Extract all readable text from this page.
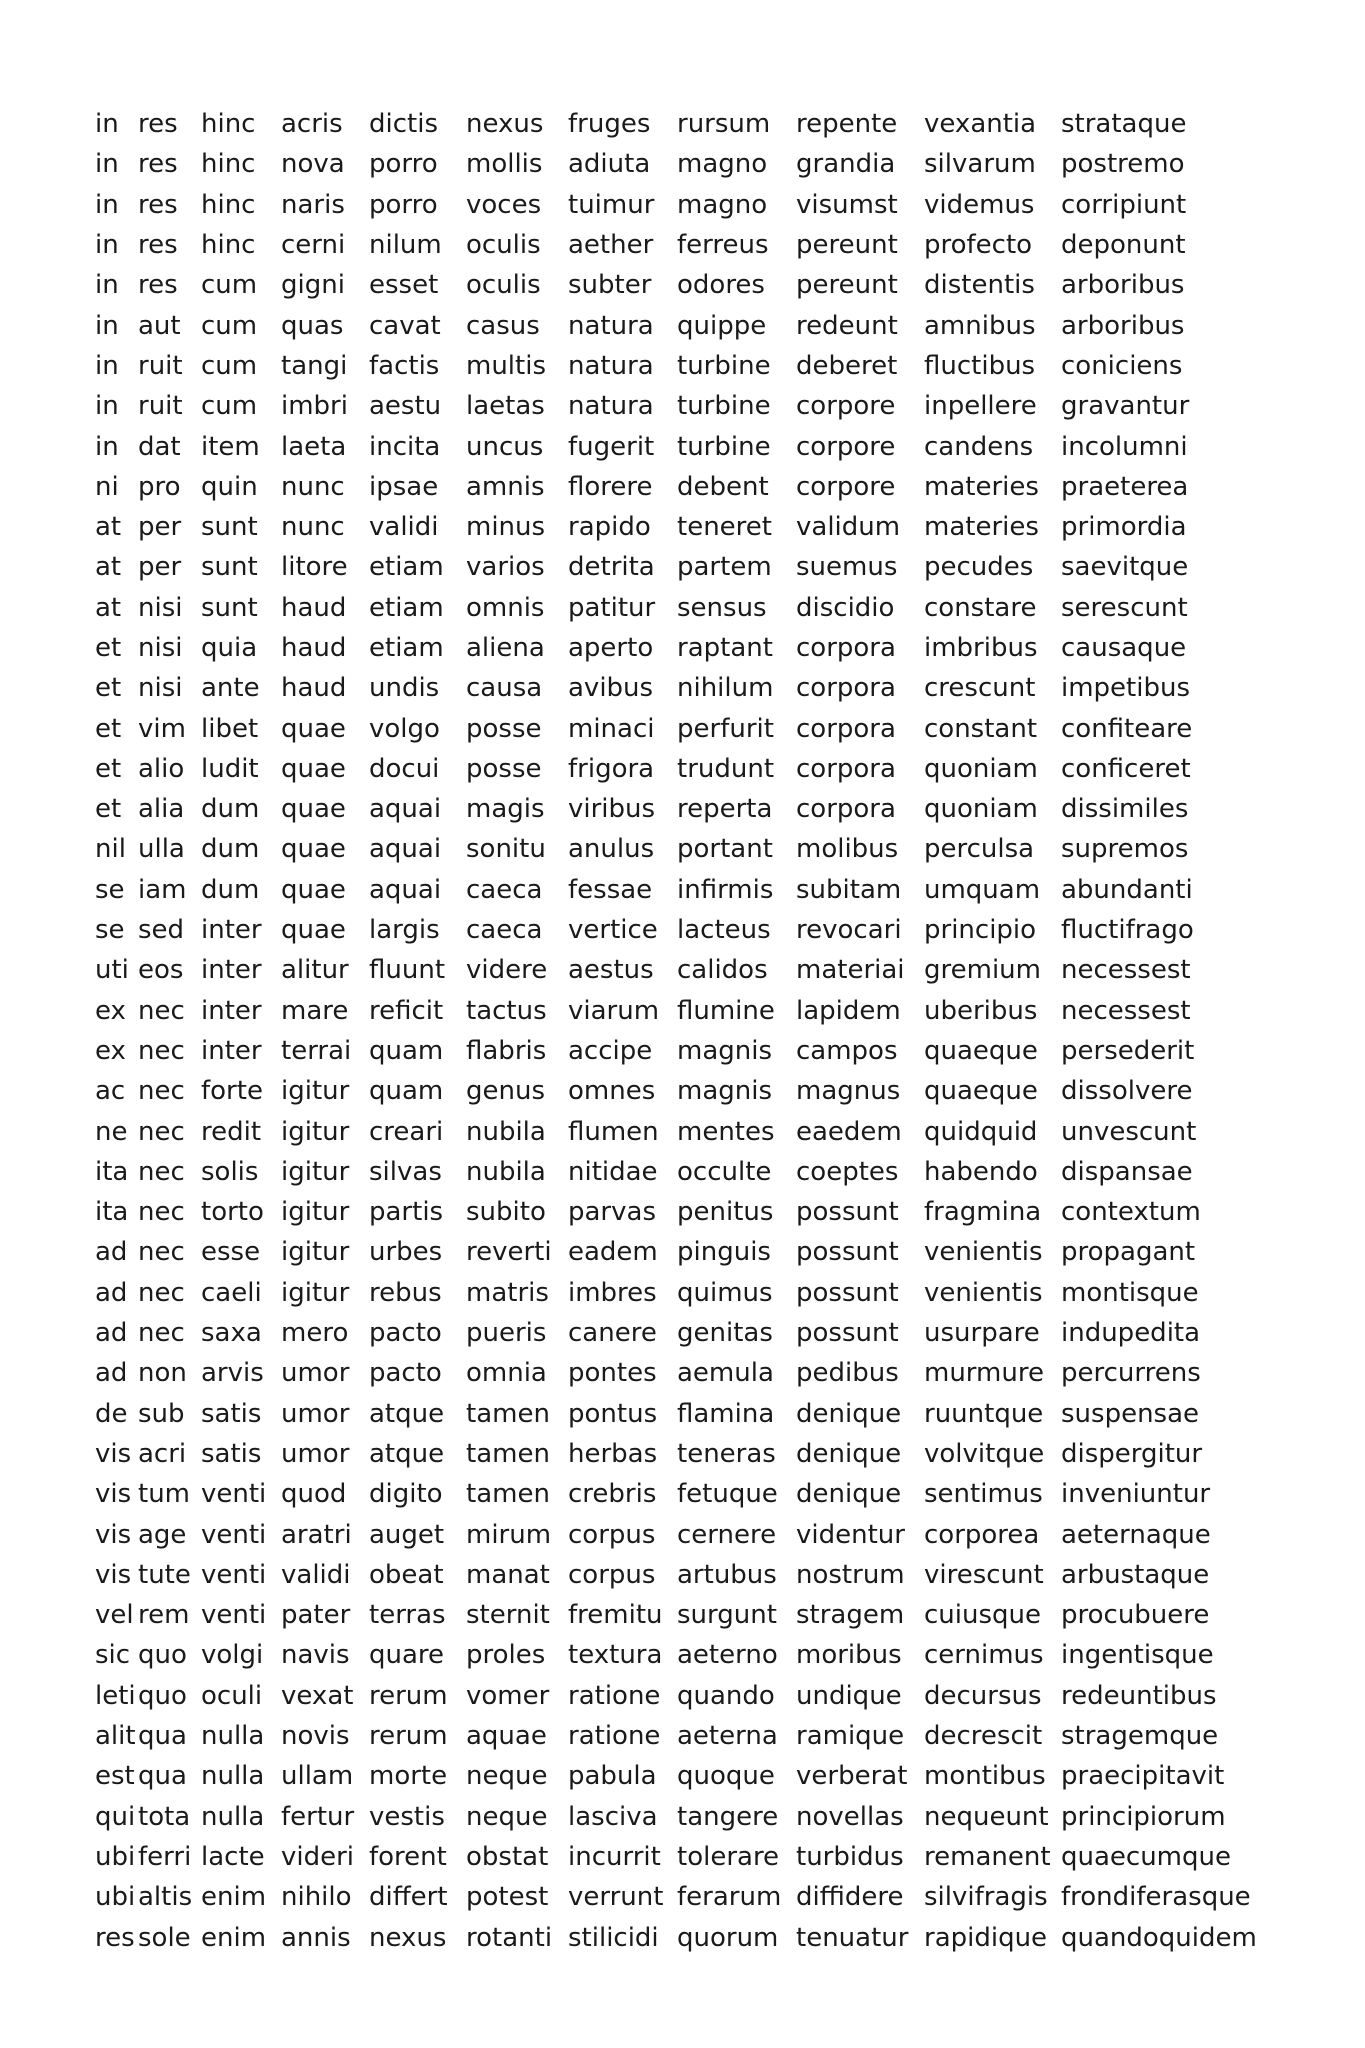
in	res	hinc	acris	dictis	nexus	fruges	rursum	repente	vexantia	strataque
in	res	hinc	nova	porro	mollis	adiuta	magno	grandia	silvarum	postremo
in	res	hinc	naris	porro	voces	tuimur	magno	visumst	videmus	corripiunt
in	res	hinc	cerni	nilum	oculis	aether	ferreus	pereunt	profecto	deponunt
in	res	cum	gigni	esset	oculis	subter	odores	pereunt	distentis	arboribus
in	aut	cum	quas	cavat	casus	natura	quippe	redeunt	amnibus	arboribus
in	ruit	cum	tangi	factis	multis	natura	turbine	deberet	fluctibus	coniciens
in	ruit	cum	imbri	aestu	laetas	natura	turbine	corpore	inpellere	gravantur
in	dat	item	laeta	incita	uncus	fugerit	turbine	corpore	candens	incolumni
ni	pro	quin	nunc	ipsae	amnis	florere	debent	corpore	materies	praeterea
at	per	sunt	nunc	validi	minus	rapido	teneret	validum	materies	primordia
at	per	sunt	litore	etiam	varios	detrita	partem	suemus	pecudes	saevitque
at	nisi	sunt	haud	etiam	omnis	patitur	sensus	discidio	constare	serescunt
et	nisi	quia	haud	etiam	aliena	aperto	raptant	corpora	imbribus	causaque
et	nisi	ante	haud	undis	causa	avibus	nihilum	corpora	crescunt	impetibus
et	vim	libet	quae	volgo	posse	minaci	perfurit	corpora	constant	confiteare
et	alio	ludit	quae	docui	posse	frigora	trudunt	corpora	quoniam	conficeret
et	alia	dum	quae	aquai	magis	viribus	reperta	corpora	quoniam	dissimiles
nil	ulla	dum	quae	aquai	sonitu	anulus	portant	molibus	perculsa	supremos
se	iam	dum	quae	aquai	caeca	fessae	infirmis	subitam	umquam	abundanti
se	sed	inter	quae	largis	caeca	vertice	lacteus	revocari	principio	fluctifrago
uti	eos	inter	alitur	fluunt	videre	aestus	calidos	materiai	gremium	necessest
ex	nec	inter	mare	reficit	tactus	viarum	flumine	lapidem	uberibus	necessest
ex	nec	inter	terrai	quam	flabris	accipe	magnis	campos	quaeque	persederit
ac	nec	forte	igitur	quam	genus	omnes	magnis	magnus	quaeque	dissolvere
ne	nec	redit	igitur	creari	nubila	flumen	mentes	eaedem	quidquid	unvescunt
ita	nec	solis	igitur	silvas	nubila	nitidae	occulte	coeptes	habendo	dispansae
ita	nec	torto	igitur	partis	subito	parvas	penitus	possunt	fragmina	contextum
ad	nec	esse	igitur	urbes	reverti	eadem	pinguis	possunt	venientis	propagant
ad	nec	caeli	igitur	rebus	matris	imbres	quimus	possunt	venientis	montisque
ad	nec	saxa	mero	pacto	pueris	canere	genitas	possunt	usurpare	indupedita
ad	non	arvis	umor	pacto	omnia	pontes	aemula	pedibus	murmure	percurrens
de	sub	satis	umor	atque	tamen	pontus	flamina	denique	ruuntque	suspensae
vis	acri	satis	umor	atque	tamen	herbas	teneras	denique	volvitque	dispergitur
vis	tum	venti	quod	digito	tamen	crebris	fetuque	denique	sentimus	inveniuntur
vis	age	venti	aratri	auget	mirum	corpus	cernere	videntur	corporea	aeternaque
vis	tute	venti	validi	obeat	manat	corpus	artubus	nostrum	virescunt	arbustaque
vel	rem	venti	pater	terras	sternit	fremitu	surgunt	stragem	cuiusque	procubuere
sic	quo	volgi	navis	quare	proles	textura	aeterno	moribus	cernimus	ingentisque
leti	quo	oculi	vexat	rerum	vomer	ratione	quando	undique	decursus	redeuntibus
alit	qua	nulla	novis	rerum	aquae	ratione	aeterna	ramique	decrescit	stragemque
est	qua	nulla	ullam	morte	neque	pabula	quoque	verberat	montibus	praecipitavit
qui	tota	nulla	fertur	vestis	neque	lasciva	tangere	novellas	nequeunt	principiorum
ubi	ferri	lacte	videri	forent	obstat	incurrit	tolerare	turbidus	remanent	quaecumque
ubi	altis	enim	nihilo	differt	potest	verrunt	ferarum	diffidere	silvifragis	frondiferasque
res	sole	enim	annis	nexus	rotanti	stilicidi	quorum	tenuatur	rapidique	quandoquidem
